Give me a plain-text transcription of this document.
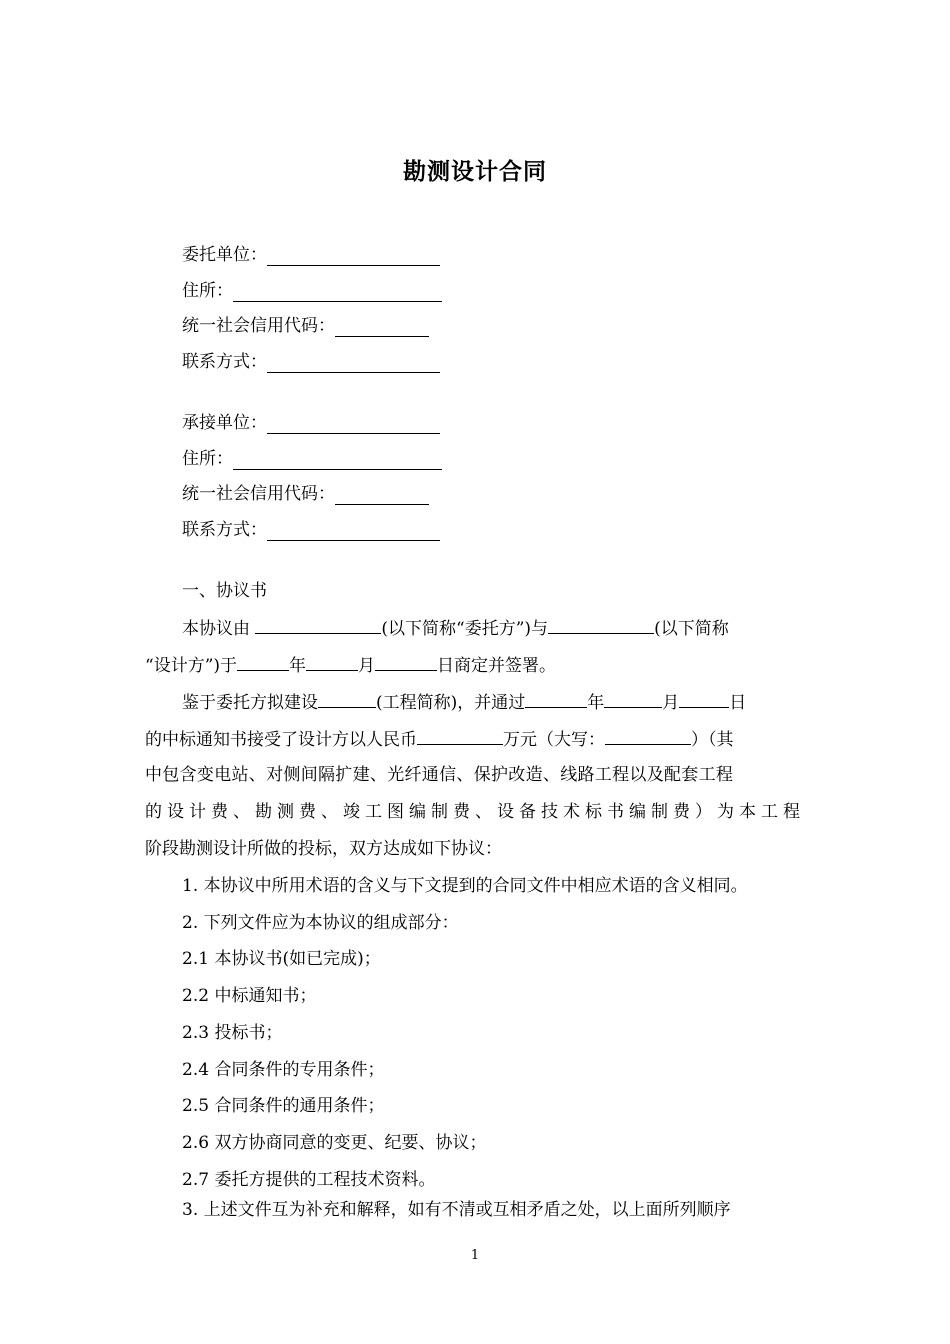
勘测设计合同
委托单位：
住所：
统一社会信用代码：
联系方式：
承接单位：
住所：
统一社会信用代码：
联系方式：
一、协议书
本协议由	(以下简称“委托方”)与	(以下简称
“设计方”)于	年	月	日商定并签署。
鉴于委托方拟建设	(工程简称)，并通过	年	月	日
的中标通知书接受了设计方以人民币	万元（大写：	）（其
中包含变电站、对侧间隔扩建、光纤通信、保护改造、线路工程以及配套工程
的设计费、勘测费、竣工图编制费、设备技术标书编制费）为本工程
阶段勘测设计所做的投标，双方达成如下协议：
1. 本协议中所用术语的含义与下文提到的合同文件中相应术语的含义相同。
2. 下列文件应为本协议的组成部分：
2.1 本协议书(如已完成)；
2.2 中标通知书；
2.3 投标书；
2.4 合同条件的专用条件；
2.5 合同条件的通用条件；
2.6 双方协商同意的变更、纪要、协议；
2.7 委托方提供的工程技术资料。
3. 上述文件互为补充和解释，如有不清或互相矛盾之处，以上面所列顺序
1
